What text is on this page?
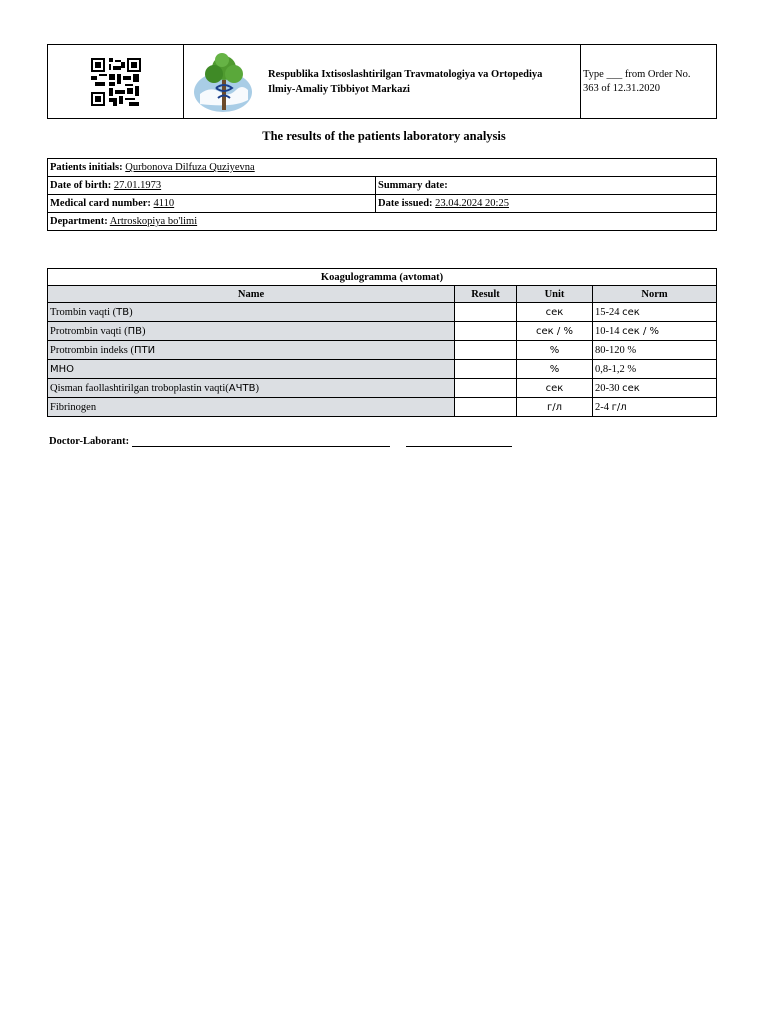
Respublika Ixtisoslashtirilgan Travmatologiya va Ortopediya
Ilmiy-Amaliy Tibbiyot Markazi
Type ___ from Order No.
363 of 12.31.2020
The results of the patients laboratory analysis
Patients initials: Qurbonova Dilfuza Quziyevna	
Date of birth: 27.01.1973	Summary date:
Medical card number: 4110	Date issued: 23.04.2024 20:25
Department: Artroskopiya bo'limi	
Koagulogramma (avtomat)			
Name	Result	Unit	Norm
Trombin vaqti (ТВ)		сек	15-24 сек
Protrombin vaqti (ПВ)		сек / %	10-14 сек / %
Protrombin indeks (ПТИ		%	80-120 %
МНО		%	0,8-1,2 %
Qisman faollashtirilgan troboplastin vaqti(АЧТВ)		сек	20-30 сек
Fibrinogen		г/л	2-4 г/л
Doctor-Laborant:
